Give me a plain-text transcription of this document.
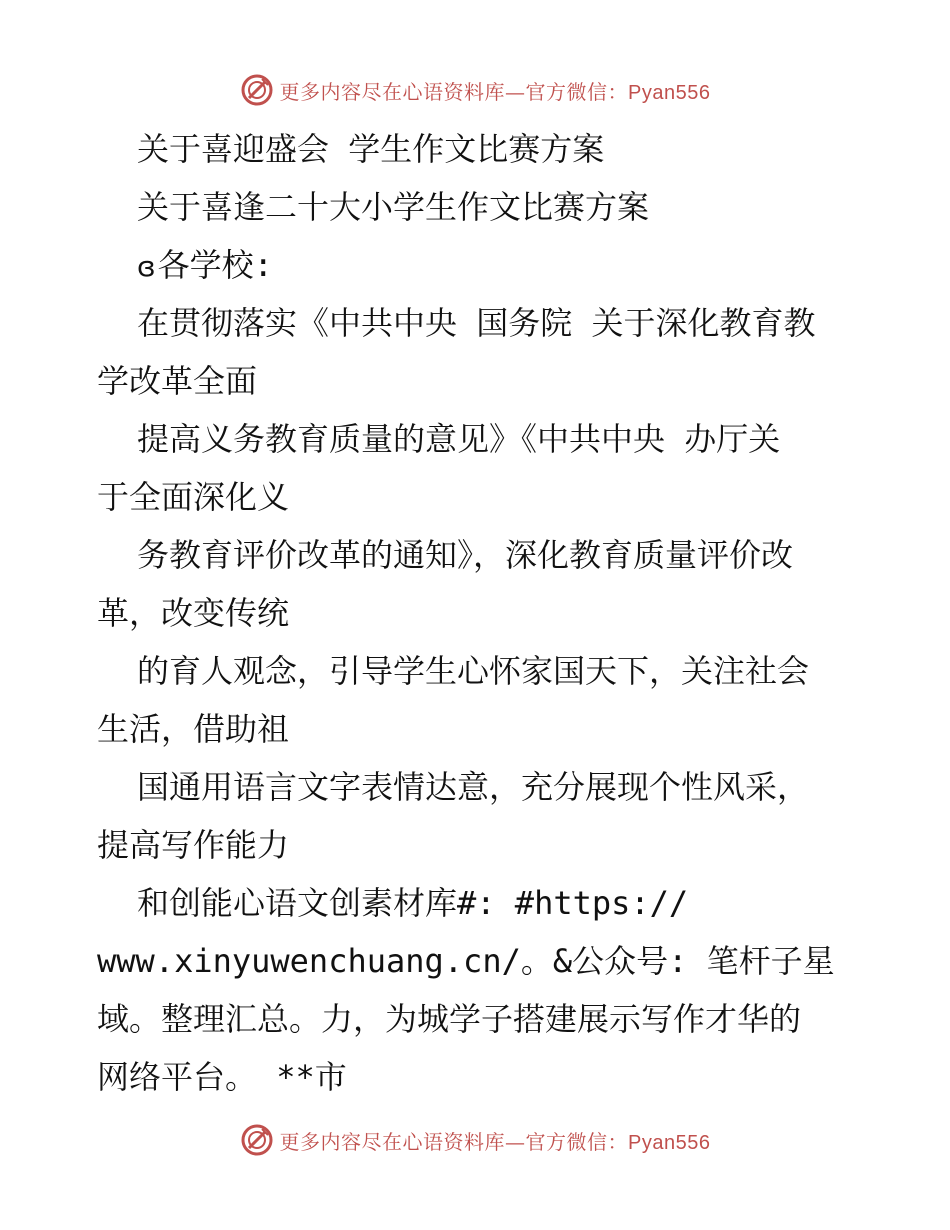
更多内容尽在心语资料库—官方微信：Pyan556
关于喜迎盛会 学生作文比赛方案
关于喜逢二十大小学生作文比赛方案
ɞ各学校:
在贯彻落实《中共中央 国务院 关于深化教育教
学改革全面
提高义务教育质量的意见》《中共中央 办厅关
于全面深化义
务教育评价改革的通知》，深化教育质量评价改
革，改变传统
的育人观念，引导学生心怀家国天下，关注社会
生活，借助祖
国通用语言文字表情达意，充分展现个性风采，
提高写作能力
和创能心语文创素材库#: #https://
www.xinyuwenchuang.cn/。&公众号: 笔杆子星
域。整理汇总。力，为城学子搭建展示写作才华的
网络平台。 **市
更多内容尽在心语资料库—官方微信：Pyan556
